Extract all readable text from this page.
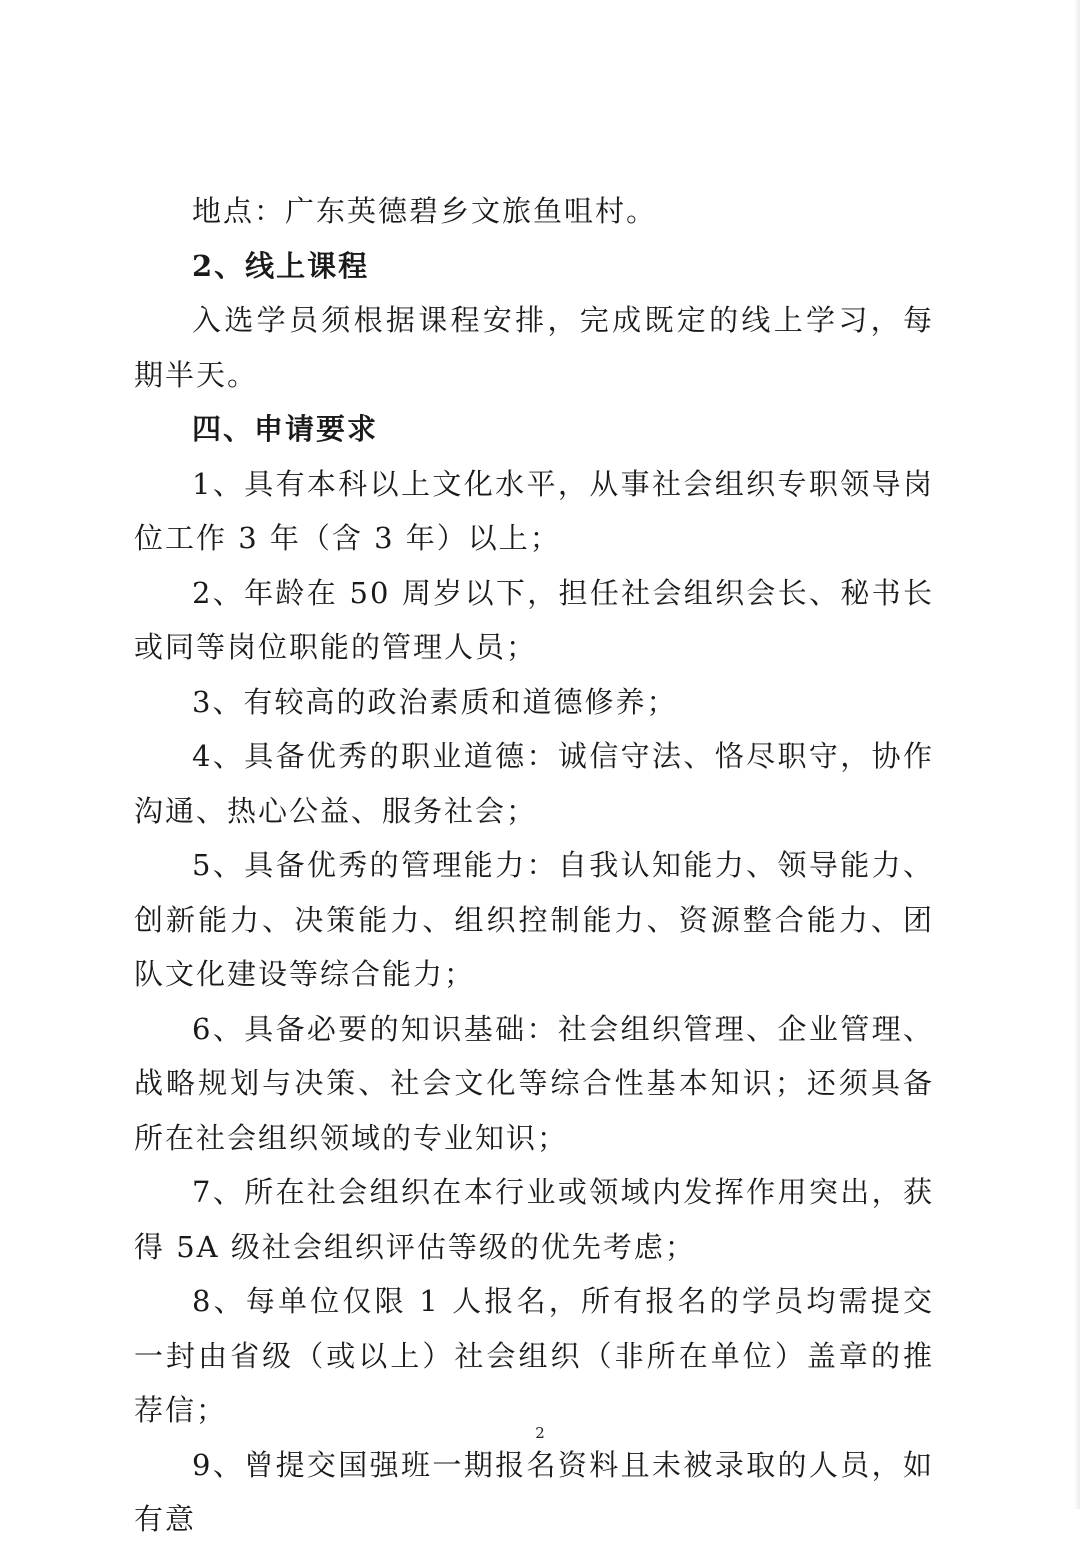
地点：广东英德碧乡文旅鱼咀村。

2、线上课程

入选学员须根据课程安排，完成既定的线上学习，每期半天。

四、申请要求

1、具有本科以上文化水平，从事社会组织专职领导岗位工作 3 年（含 3 年）以上；

2、年龄在 50 周岁以下，担任社会组织会长、秘书长或同等岗位职能的管理人员；

3、有较高的政治素质和道德修养；

4、具备优秀的职业道德：诚信守法、恪尽职守，协作沟通、热心公益、服务社会；

5、具备优秀的管理能力：自我认知能力、领导能力、创新能力、决策能力、组织控制能力、资源整合能力、团队文化建设等综合能力；

6、具备必要的知识基础：社会组织管理、企业管理、战略规划与决策、社会文化等综合性基本知识；还须具备所在社会组织领域的专业知识；

7、所在社会组织在本行业或领域内发挥作用突出，获得 5A 级社会组织评估等级的优先考虑；

8、每单位仅限 1 人报名，所有报名的学员均需提交一封由省级（或以上）社会组织（非所在单位）盖章的推荐信；

9、曾提交国强班一期报名资料且未被录取的人员，如有意

2
